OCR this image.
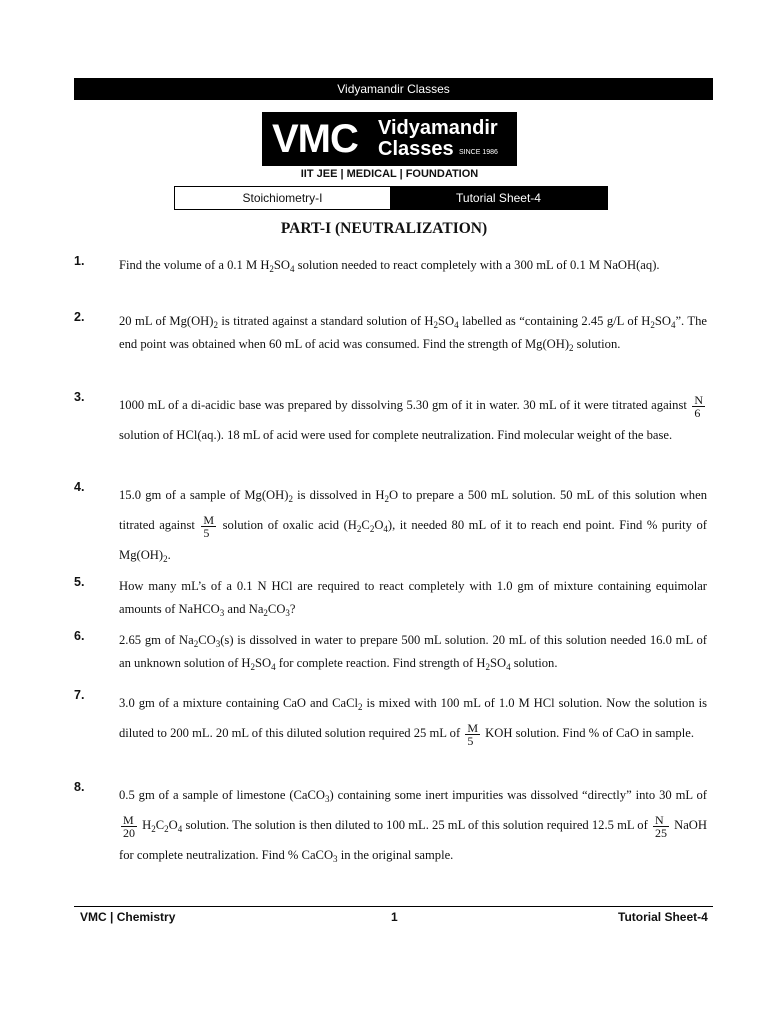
Vidyamandir Classes
VMC Vidyamandir
Classes SINCE 1986
IIT JEE | MEDICAL | FOUNDATION
Stoichiometry-I	Tutorial Sheet-4
PART-I (NEUTRALIZATION)
1.	Find the volume of a 0.1 M $H_2SO_4$ solution needed to react completely with a 300 mL of 0.1 M NaOH(aq).

2.	20 mL of $Mg(OH)_2$ is titrated against a standard solution of $H_2SO_4$ labelled as “containing 2.45 g/L of $H_2SO_4$”. The end point was obtained when 60 mL of acid was consumed. Find the strength of $Mg(OH)_2$ solution.

3.

1000 mL of a di-acidic base was prepared by dissolving 5.30 gm of it in water. 30 mL of it were titrated against $\frac{N}{6}$
solution of HCl(aq.). 18 mL of acid were used for complete neutralization. Find molecular weight of the base.

4.

15.0 gm of a sample of $Mg(OH)_2$ is dissolved in $H_2O$ to prepare a 500 mL solution. 50 mL of this solution when titrated against $\frac{M}{5}$ solution of oxalic acid $(H_2C_2O_4)$, it needed 80 mL of it to reach end point. Find % purity of $Mg(OH)_2$.

5.	How many mL’s of a 0.1 N HCl are required to react completely with 1.0 gm of mixture containing equimolar amounts of NaHCO$_3$ and $Na_2CO_3$?

6.	2.65 gm of $Na_2CO_3(s)$ is dissolved in water to prepare 500 mL solution. 20 mL of this solution needed 16.0 mL of an unknown solution of $H_2SO_4$ for complete reaction. Find strength of $H_2SO_4$ solution.

7.

3.0 gm of a mixture containing CaO and CaCl$_2$ is mixed with 100 mL of 1.0 M HCl solution. Now the solution is diluted to 200 mL. 20 mL of this diluted solution required 25 mL of $\frac{M}{5}$ KOH solution. Find % of CaO in sample.

8.

0.5 gm of a sample of limestone (CaCO$_3$) containing some inert impurities was dissolved “directly” into 30 mL of
$\frac{M}{20} H_2C_2O_4$ solution. The solution is then diluted to 100 mL. 25 mL of this solution required 12.5 mL of $\frac{N}{25}$ NaOH for complete neutralization. Find % CaCO$_3$ in the original sample.

VMC | Chemistry	1	Tutorial Sheet-4
